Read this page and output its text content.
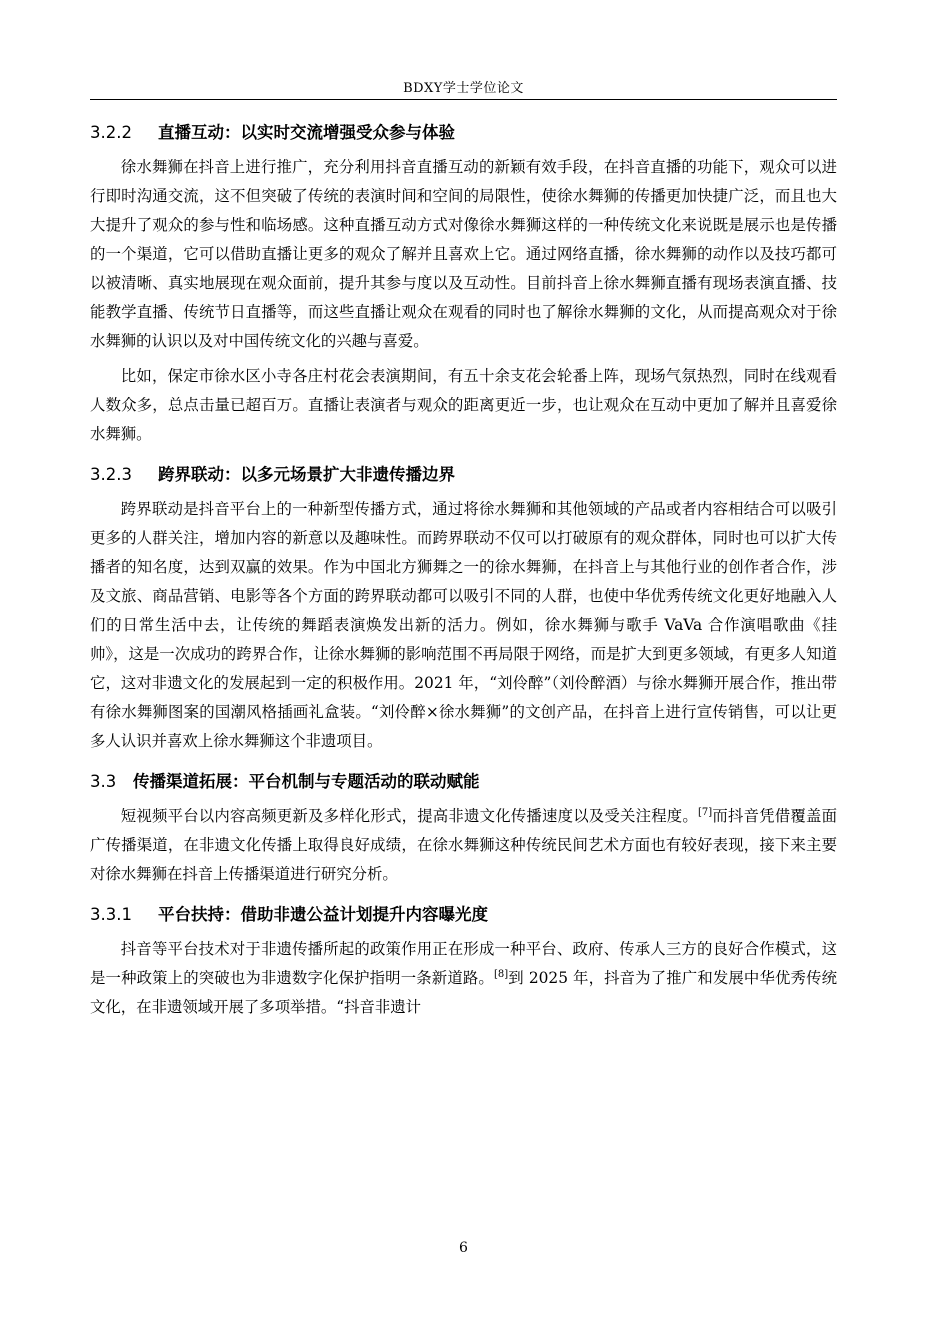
BDXY学士学位论文
3.2.2 直播互动：以实时交流增强受众参与体验

徐水舞狮在抖音上进行推广，充分利用抖音直播互动的新颖有效手段，在抖音直播的功能下，观众可以进行即时沟通交流，这不但突破了传统的表演时间和空间的局限性，使徐水舞狮的传播更加快捷广泛，而且也大大提升了观众的参与性和临场感。这种直播互动方式对像徐水舞狮这样的一种传统文化来说既是展示也是传播的一个渠道，它可以借助直播让更多的观众了解并且喜欢上它。通过网络直播，徐水舞狮的动作以及技巧都可以被清晰、真实地展现在观众面前，提升其参与度以及互动性。目前抖音上徐水舞狮直播有现场表演直播、技能教学直播、传统节日直播等，而这些直播让观众在观看的同时也了解徐水舞狮的文化，从而提高观众对于徐水舞狮的认识以及对中国传统文化的兴趣与喜爱。

比如，保定市徐水区小寺各庄村花会表演期间，有五十余支花会轮番上阵，现场气氛热烈，同时在线观看人数众多，总点击量已超百万。直播让表演者与观众的距离更近一步，也让观众在互动中更加了解并且喜爱徐水舞狮。

3.2.3 跨界联动：以多元场景扩大非遗传播边界

跨界联动是抖音平台上的一种新型传播方式，通过将徐水舞狮和其他领域的产品或者内容相结合可以吸引更多的人群关注，增加内容的新意以及趣味性。而跨界联动不仅可以打破原有的观众群体，同时也可以扩大传播者的知名度，达到双赢的效果。作为中国北方狮舞之一的徐水舞狮，在抖音上与其他行业的创作者合作，涉及文旅、商品营销、电影等各个方面的跨界联动都可以吸引不同的人群，也使中华优秀传统文化更好地融入人们的日常生活中去，让传统的舞蹈表演焕发出新的活力。例如，徐水舞狮与歌手 VaVa 合作演唱歌曲《挂帅》，这是一次成功的跨界合作，让徐水舞狮的影响范围不再局限于网络，而是扩大到更多领域，有更多人知道它，这对非遗文化的发展起到一定的积极作用。2021 年，“刘伶醉”（刘伶醉酒）与徐水舞狮开展合作，推出带有徐水舞狮图案的国潮风格插画礼盒装。“刘伶醉×徐水舞狮”的文创产品，在抖音上进行宣传销售，可以让更多人认识并喜欢上徐水舞狮这个非遗项目。

3.3 传播渠道拓展：平台机制与专题活动的联动赋能

短视频平台以内容高频更新及多样化形式，提高非遗文化传播速度以及受关注程度。[7]而抖音凭借覆盖面广传播渠道，在非遗文化传播上取得良好成绩，在徐水舞狮这种传统民间艺术方面也有较好表现，接下来主要对徐水舞狮在抖音上传播渠道进行研究分析。

3.3.1 平台扶持：借助非遗公益计划提升内容曝光度

抖音等平台技术对于非遗传播所起的政策作用正在形成一种平台、政府、传承人三方的良好合作模式，这是一种政策上的突破也为非遗数字化保护指明一条新道路。[8]到 2025 年，抖音为了推广和发展中华优秀传统文化，在非遗领域开展了多项举措。“抖音非遗计

6
